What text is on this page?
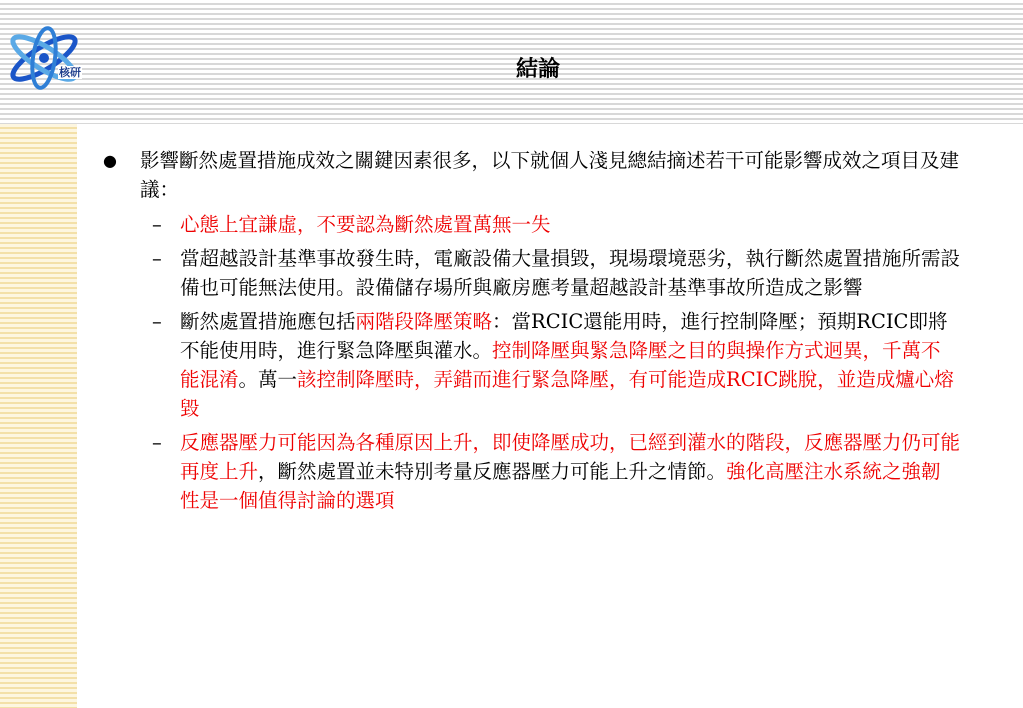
核研	結論
● 影響斷然處置措施成效之關鍵因素很多，以下就個人淺見總結摘述若干可能影響成效之項目及建議：
– 心態上宜謙虛，不要認為斷然處置萬無一失
– 當超越設計基準事故發生時，電廠設備大量損毀，現場環境惡劣，執行斷然處置措施所需設備也可能無法使用。設備儲存場所與廠房應考量超越設計基準事故所造成之影響
– 斷然處置措施應包括兩階段降壓策略：當RCIC還能用時，進行控制降壓；預期RCIC即將不能使用時，進行緊急降壓與灌水。控制降壓與緊急降壓之目的與操作方式迥異，千萬不能混淆。萬一該控制降壓時，弄錯而進行緊急降壓，有可能造成RCIC跳脫，並造成爐心熔毀
– 反應器壓力可能因為各種原因上升，即使降壓成功，已經到灌水的階段，反應器壓力仍可能再度上升，斷然處置並未特別考量反應器壓力可能上升之情節。強化高壓注水系統之強韌性是一個值得討論的選項
